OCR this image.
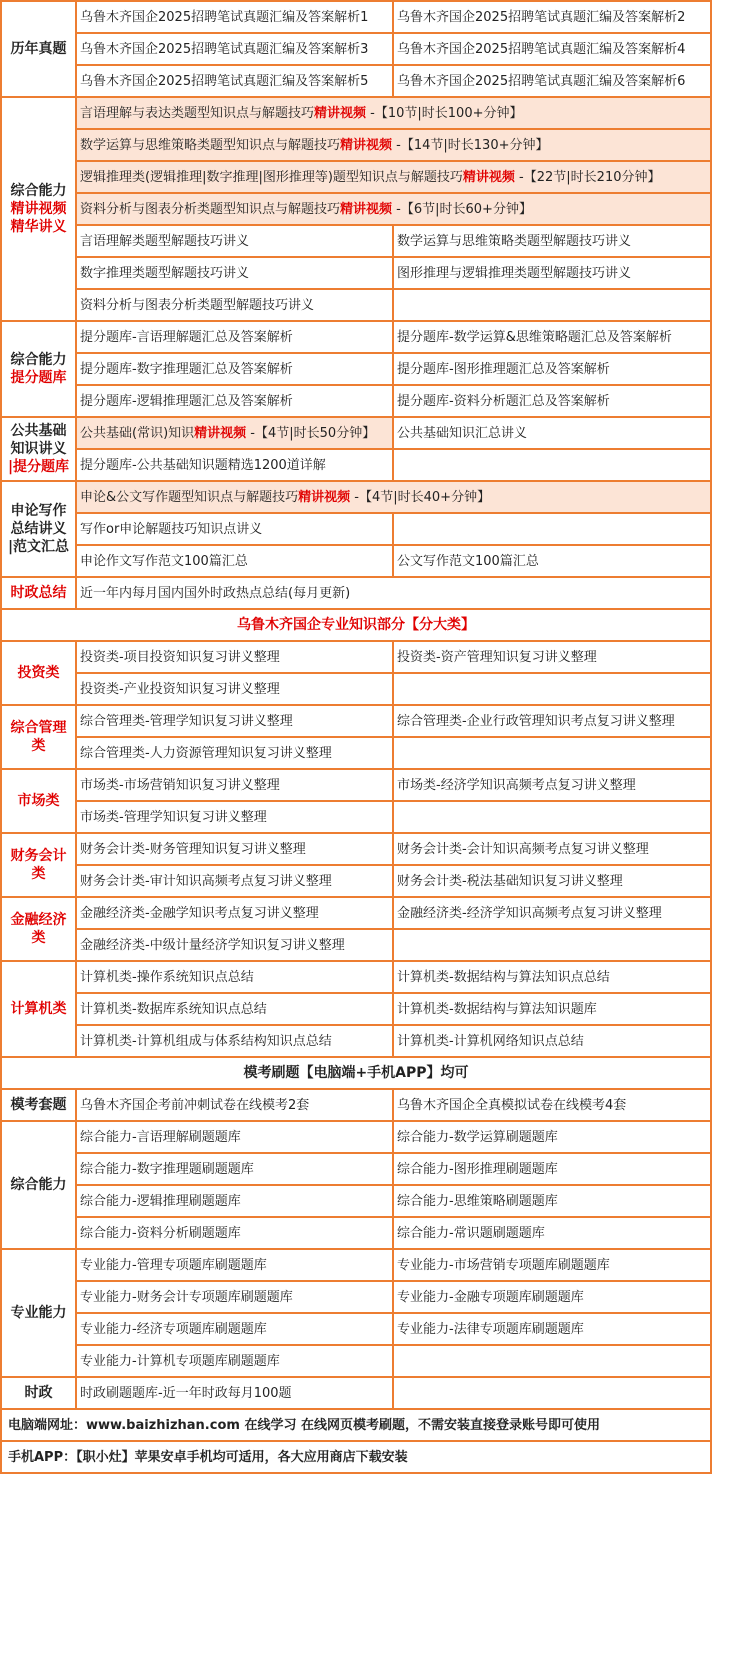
历年真题	乌鲁木齐国企2025招聘笔试真题汇编及答案解析1	乌鲁木齐国企2025招聘笔试真题汇编及答案解析2
	乌鲁木齐国企2025招聘笔试真题汇编及答案解析3	乌鲁木齐国企2025招聘笔试真题汇编及答案解析4
	乌鲁木齐国企2025招聘笔试真题汇编及答案解析5	乌鲁木齐国企2025招聘笔试真题汇编及答案解析6

综合能力
精讲视频
精华讲义	言语理解与表达类题型知识点与解题技巧精讲视频 -【10节|时长100+分钟】	
	数学运算与思维策略类题型知识点与解题技巧精讲视频 -【14节|时长130+分钟】	
	逻辑推理类(逻辑推理|数字推理|图形推理等)题型知识点与解题技巧精讲视频 -【22节|时长210分钟】	
	资料分析与图表分析类题型知识点与解题技巧精讲视频 -【6节|时长60+分钟】	
	言语理解类题型解题技巧讲义	数学运算与思维策略类题型解题技巧讲义
	数字推理类题型解题技巧讲义	图形推理与逻辑推理类题型解题技巧讲义
	资料分析与图表分析类题型解题技巧讲义	

综合能力
提分题库	提分题库-言语理解题汇总及答案解析	提分题库-数学运算&思维策略题汇总及答案解析
	提分题库-数字推理题汇总及答案解析	提分题库-图形推理题汇总及答案解析
	提分题库-逻辑推理题汇总及答案解析	提分题库-资料分析题汇总及答案解析

公共基础
知识讲义
|提分题库	公共基础(常识)知识精讲视频 -【4节|时长50分钟】	公共基础知识汇总讲义
	提分题库-公共基础知识题精选1200道详解	

申论写作
总结讲义
|范文汇总	申论&公文写作题型知识点与解题技巧精讲视频 -【4节|时长40+分钟】	
	写作or申论解题技巧知识点讲义	
	申论作文写作范文100篇汇总	公文写作范文100篇汇总
时政总结	近一年内每月国内国外时政热点总结(每月更新)	
乌鲁木齐国企专业知识部分【分大类】		
投资类	投资类-项目投资知识复习讲义整理	投资类-资产管理知识复习讲义整理
	投资类-产业投资知识复习讲义整理	

综合管理
类	综合管理类-管理学知识复习讲义整理	综合管理类-企业行政管理知识考点复习讲义整理
	综合管理类-人力资源管理知识复习讲义整理	
市场类	市场类-市场营销知识复习讲义整理	市场类-经济学知识高频考点复习讲义整理
	市场类-管理学知识复习讲义整理	

财务会计
类	财务会计类-财务管理知识复习讲义整理	财务会计类-会计知识高频考点复习讲义整理
	财务会计类-审计知识高频考点复习讲义整理	财务会计类-税法基础知识复习讲义整理

金融经济
类	金融经济类-金融学知识考点复习讲义整理	金融经济类-经济学知识高频考点复习讲义整理
	金融经济类-中级计量经济学知识复习讲义整理	
计算机类	计算机类-操作系统知识点总结	计算机类-数据结构与算法知识点总结
	计算机类-数据库系统知识点总结	计算机类-数据结构与算法知识题库
	计算机类-计算机组成与体系结构知识点总结	计算机类-计算机网络知识点总结
模考刷题【电脑端+手机APP】均可		
模考套题	乌鲁木齐国企考前冲刺试卷在线模考2套	乌鲁木齐国企全真模拟试卷在线模考4套
综合能力	综合能力-言语理解刷题题库	综合能力-数学运算刷题题库
	综合能力-数字推理题刷题题库	综合能力-图形推理刷题题库
	综合能力-逻辑推理刷题题库	综合能力-思维策略刷题题库
	综合能力-资料分析刷题题库	综合能力-常识题刷题题库
专业能力	专业能力-管理专项题库刷题题库	专业能力-市场营销专项题库刷题题库
	专业能力-财务会计专项题库刷题题库	专业能力-金融专项题库刷题题库
	专业能力-经济专项题库刷题题库	专业能力-法律专项题库刷题题库
	专业能力-计算机专项题库刷题题库	
时政	时政刷题题库-近一年时政每月100题	
电脑端网址：www.baizhizhan.com 在线学习 在线网页模考刷题，不需安装直接登录账号即可使用		
手机APP：【职小灶】苹果安卓手机均可适用，各大应用商店下载安装		
